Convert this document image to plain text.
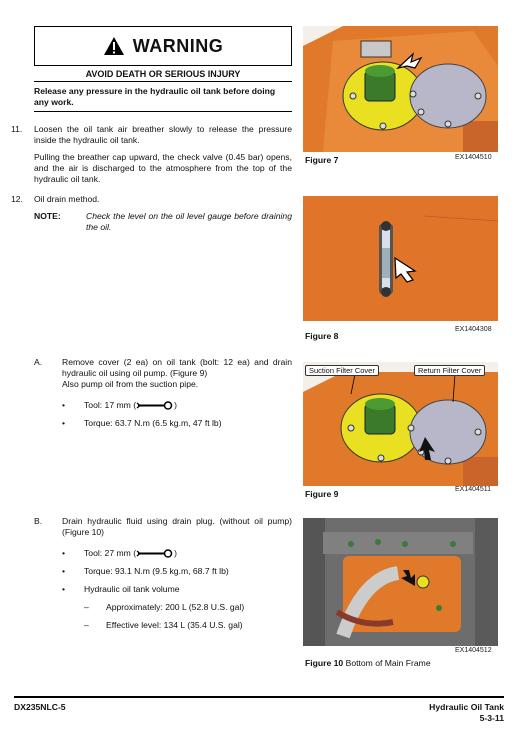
WARNING
AVOID DEATH OR SERIOUS INJURY
Release any pressure in the hydraulic oil tank before doing any work.
11. Loosen the oil tank air breather slowly to release the pressure inside the hydraulic oil tank.
Pulling the breather cap upward, the check valve (0.45 bar) opens, and the air is discharged to the atmosphere from the top of the hydraulic oil tank.
12. Oil drain method.
NOTE:	Check the level on the oil level gauge before draining the oil.
A. Remove cover (2 ea) on oil tank (bolt: 12 ea) and drain hydraulic oil using oil pump. (Figure 9)
Also pump oil from the suction pipe.
• Tool: 17 mm (	)
• Torque: 63.7 N.m (6.5 kg.m, 47 ft lb)
B. Drain hydraulic fluid using drain plug. (without oil pump) (Figure 10)
• Tool: 27 mm (	)
• Torque: 93.1 N.m (9.5 kg.m, 68.7 ft lb)
• Hydraulic oil tank volume
– Approximately: 200 L (52.8 U.S. gal)
– Effective level: 134 L (35.4 U.S. gal)
Figure 7	EX1404510
Figure 8
EX1404308
Suction Filter Cover	Return Filter Cover
Figure 9	EX1404511
EX1404512
Figure 10 Bottom of Main Frame
DX235NLC-5	Hydraulic Oil Tank
5-3-11
